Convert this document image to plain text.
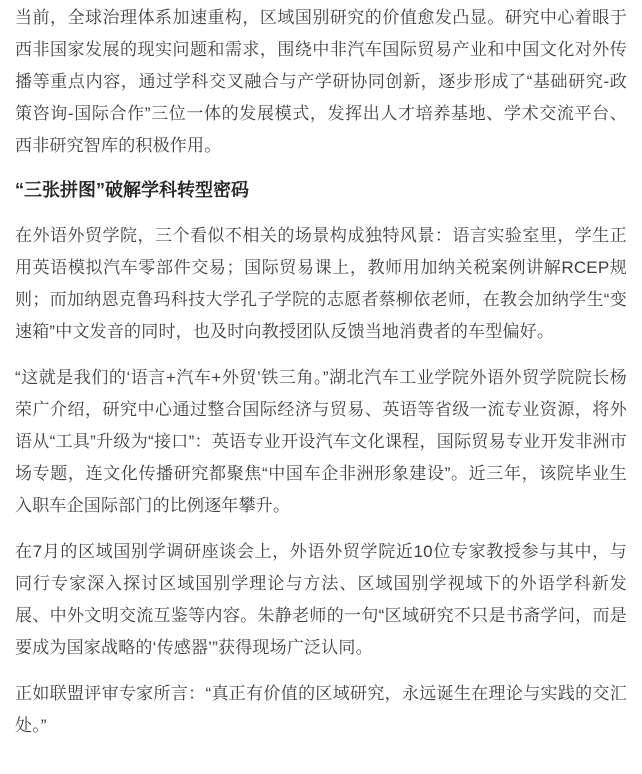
当前，全球治理体系加速重构，区域国别研究的价值愈发凸显。研究中心着眼于西非国家发展的现实问题和需求，围绕中非汽车国际贸易产业和中国文化对外传播等重点内容，通过学科交叉融合与产学研协同创新，逐步形成了“基础研究-政策咨询-国际合作”三位一体的发展模式，发挥出人才培养基地、学术交流平台、西非研究智库的积极作用。

“三张拼图”破解学科转型密码

在外语外贸学院，三个看似不相关的场景构成独特风景：语言实验室里，学生正用英语模拟汽车零部件交易；国际贸易课上，教师用加纳关税案例讲解RCEP规则；而加纳恩克鲁玛科技大学孔子学院的志愿者蔡柳依老师，在教会加纳学生“变速箱”中文发音的同时，也及时向教授团队反馈当地消费者的车型偏好。

“这就是我们的‘语言+汽车+外贸’铁三角。”湖北汽车工业学院外语外贸学院院长杨荣广介绍，研究中心通过整合国际经济与贸易、英语等省级一流专业资源，将外语从“工具”升级为“接口”：英语专业开设汽车文化课程，国际贸易专业开发非洲市场专题，连文化传播研究都聚焦“中国车企非洲形象建设”。近三年，该院毕业生入职车企国际部门的比例逐年攀升。

在7月的区域国别学调研座谈会上，外语外贸学院近10位专家教授参与其中，与同行专家深入探讨区域国别学理论与方法、区域国别学视域下的外语学科新发展、中外文明交流互鉴等内容。朱静老师的一句“区域研究不只是书斋学问，而是要成为国家战略的‘传感器’”获得现场广泛认同。

正如联盟评审专家所言：“真正有价值的区域研究，永远诞生在理论与实践的交汇处。”
